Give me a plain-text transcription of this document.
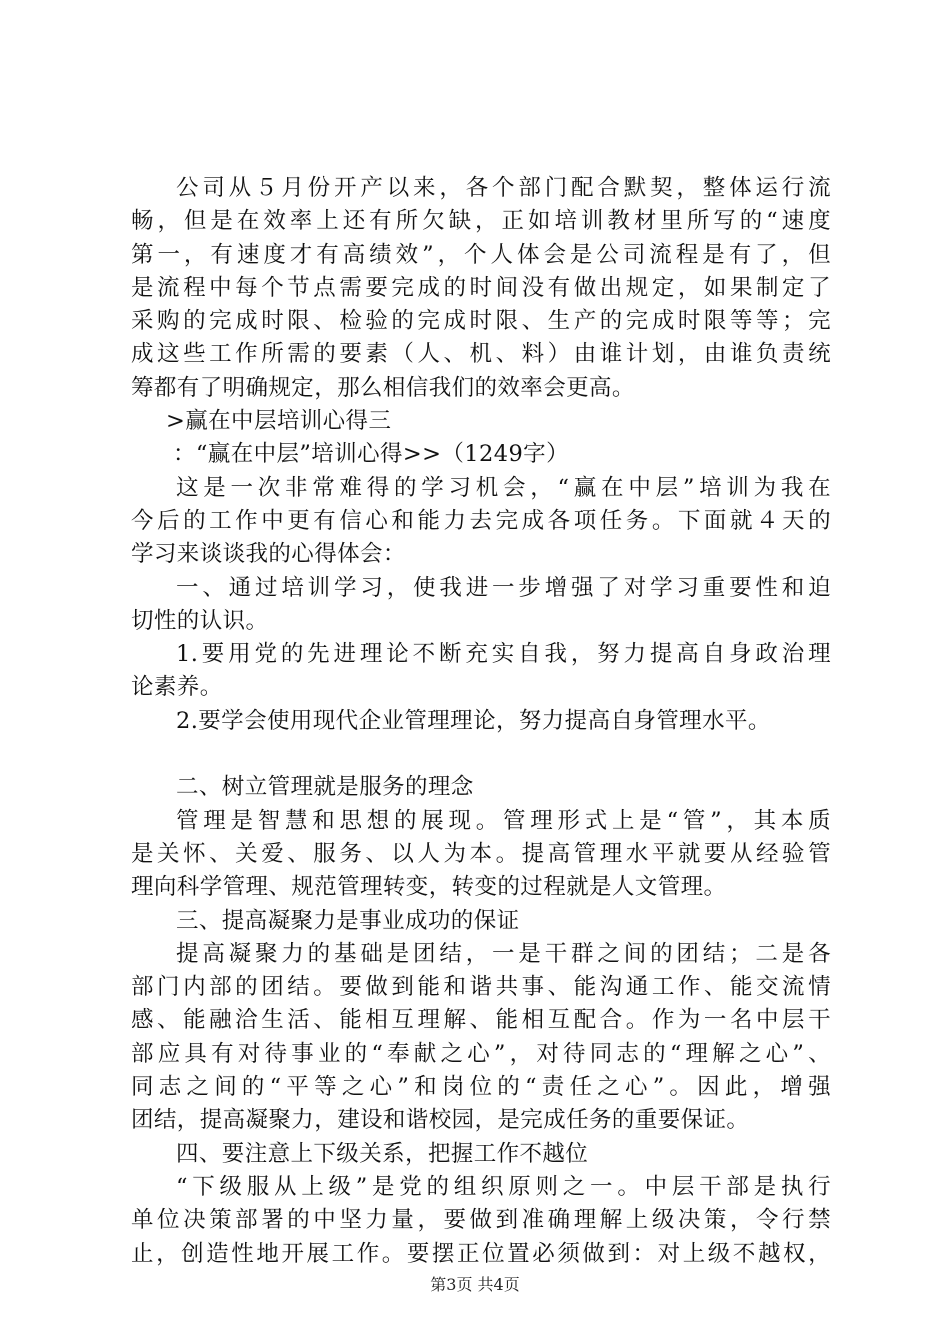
公司从５月份开产以来，各个部门配合默契，整体运行流
畅，但是在效率上还有所欠缺，正如培训教材里所写的“速度
第一，有速度才有高绩效”，个人体会是公司流程是有了，但
是流程中每个节点需要完成的时间没有做出规定，如果制定了
采购的完成时限、检验的完成时限、生产的完成时限等等；完
成这些工作所需的要素（人、机、料）由谁计划，由谁负责统
筹都有了明确规定，那么相信我们的效率会更高。
>赢在中层培训心得三
：“赢在中层”培训心得>>（1249字）
这是一次非常难得的学习机会，“赢在中层”培训为我在
今后的工作中更有信心和能力去完成各项任务。下面就４天的
学习来谈谈我的心得体会：
一、通过培训学习，使我进一步增强了对学习重要性和迫
切性的认识。
1.要用党的先进理论不断充实自我，努力提高自身政治理
论素养。
2.要学会使用现代企业管理理论，努力提高自身管理水平。
二、树立管理就是服务的理念
管理是智慧和思想的展现。管理形式上是“管”，其本质
是关怀、关爱、服务、以人为本。提高管理水平就要从经验管
理向科学管理、规范管理转变，转变的过程就是人文管理。
三、提高凝聚力是事业成功的保证
提高凝聚力的基础是团结，一是干群之间的团结；二是各
部门内部的团结。要做到能和谐共事、能沟通工作、能交流情
感、能融洽生活、能相互理解、能相互配合。作为一名中层干
部应具有对待事业的“奉献之心”，对待同志的“理解之心”、
同志之间的“平等之心”和岗位的“责任之心”。因此，增强
团结，提高凝聚力，建设和谐校园，是完成任务的重要保证。
四、要注意上下级关系，把握工作不越位
“下级服从上级”是党的组织原则之一。中层干部是执行
单位决策部署的中坚力量，要做到准确理解上级决策，令行禁
止，创造性地开展工作。要摆正位置必须做到：对上级不越权，
第3页 共4页
